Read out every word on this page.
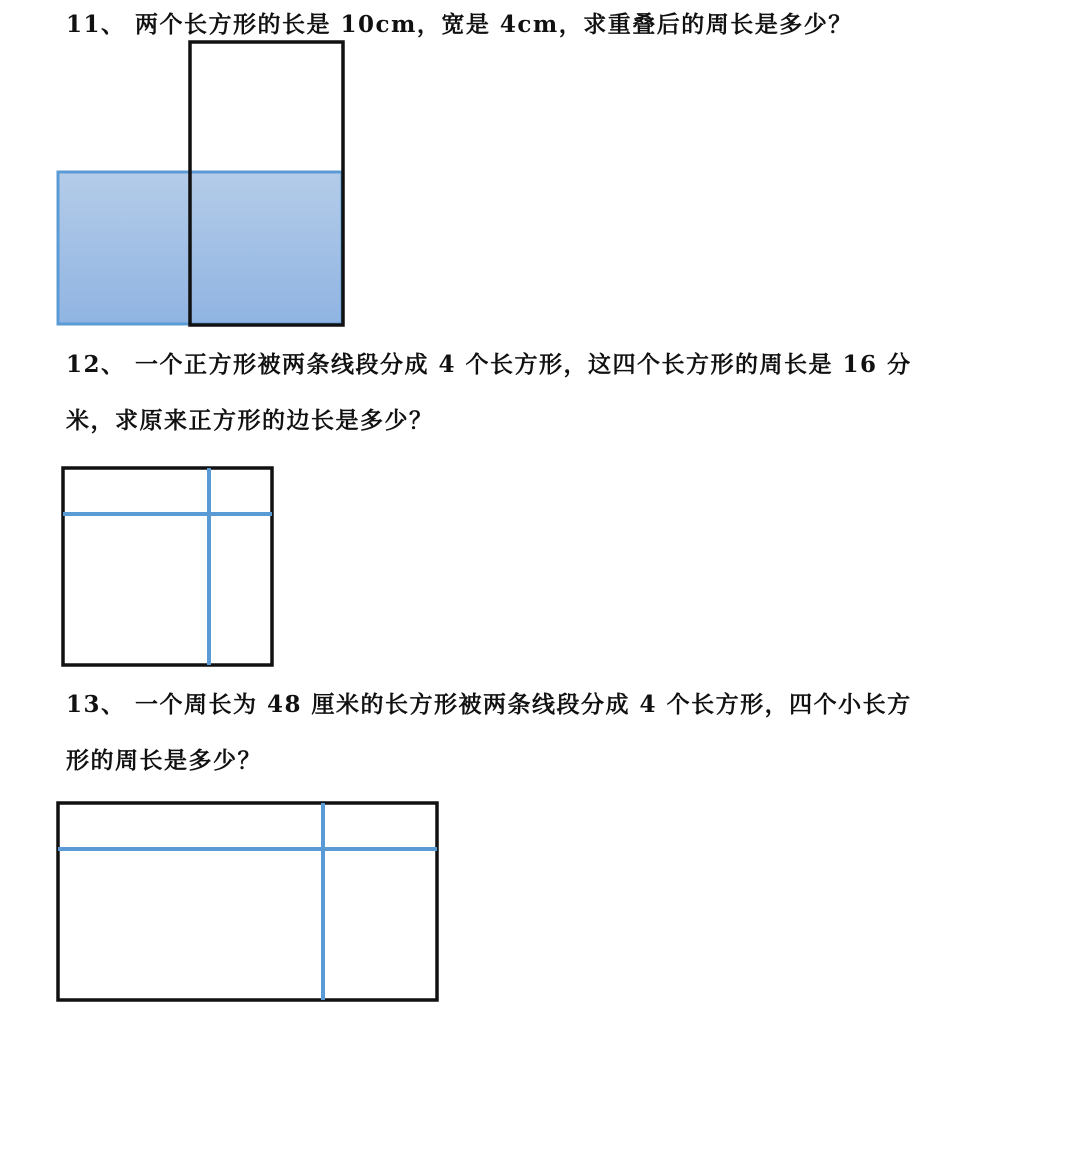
11、 两个长方形的长是 10cm，宽是 4cm，求重叠后的周长是多少？

12、 一个正方形被两条线段分成 4 个长方形，这四个长方形的周长是 16 分

米，求原来正方形的边长是多少？

13、 一个周长为 48 厘米的长方形被两条线段分成 4 个长方形，四个小长方

形的周长是多少？
